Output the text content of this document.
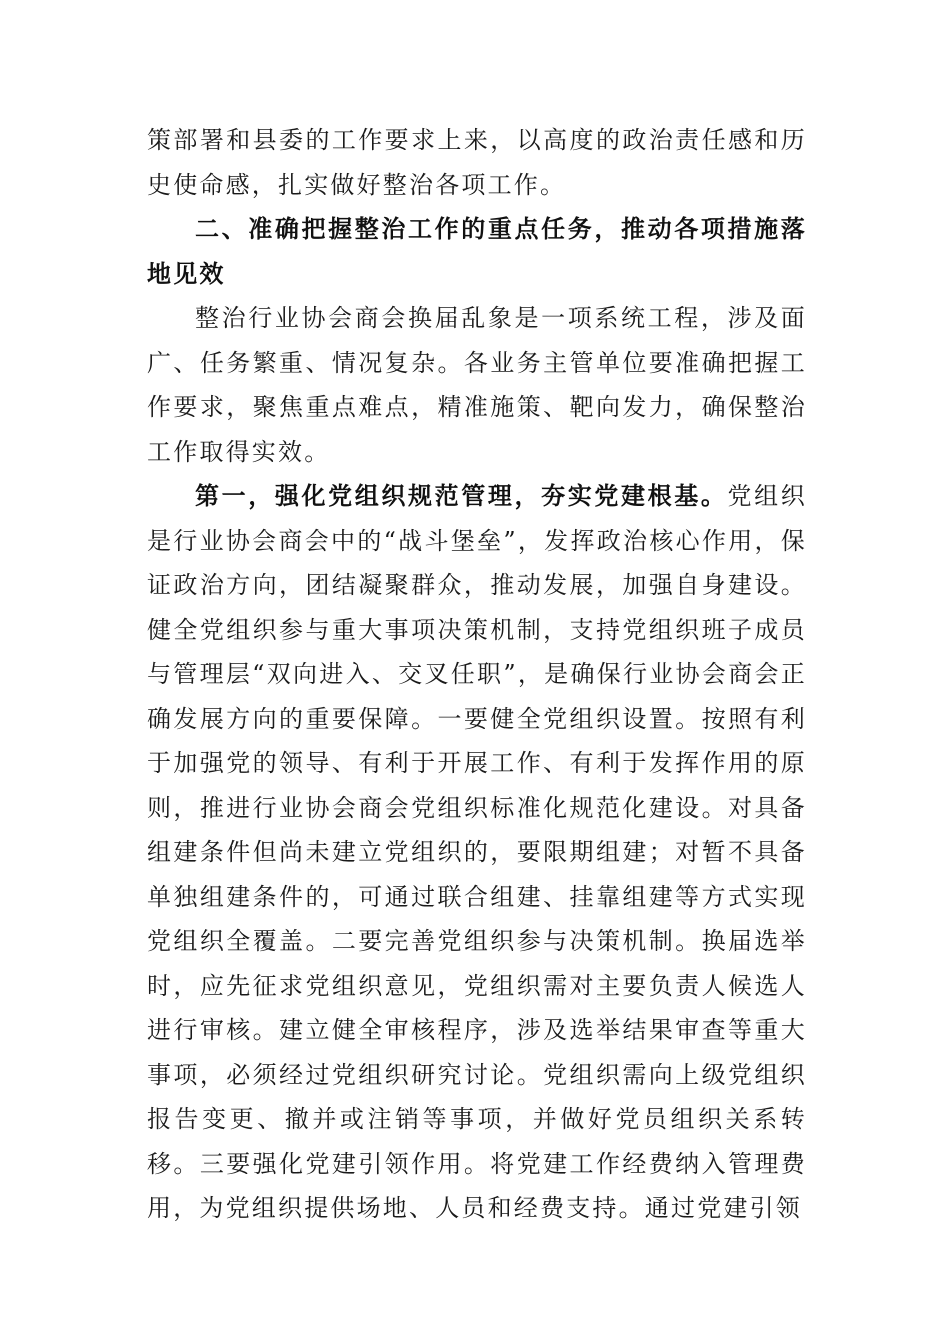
策部署和县委的工作要求上来，以高度的政治责任感和历史使命感，扎实做好整治各项工作。

二、准确把握整治工作的重点任务，推动各项措施落地见效

整治行业协会商会换届乱象是一项系统工程，涉及面广、任务繁重、情况复杂。各业务主管单位要准确把握工作要求，聚焦重点难点，精准施策、靶向发力，确保整治工作取得实效。

第一，强化党组织规范管理，夯实党建根基。党组织是行业协会商会中的“战斗堡垒”，发挥政治核心作用，保证政治方向，团结凝聚群众，推动发展，加强自身建设。健全党组织参与重大事项决策机制，支持党组织班子成员与管理层“双向进入、交叉任职”，是确保行业协会商会正确发展方向的重要保障。一要健全党组织设置。按照有利于加强党的领导、有利于开展工作、有利于发挥作用的原则，推进行业协会商会党组织标准化规范化建设。对具备组建条件但尚未建立党组织的，要限期组建；对暂不具备单独组建条件的，可通过联合组建、挂靠组建等方式实现党组织全覆盖。二要完善党组织参与决策机制。换届选举时，应先征求党组织意见，党组织需对主要负责人候选人进行审核。建立健全审核程序，涉及选举结果审查等重大事项，必须经过党组织研究讨论。党组织需向上级党组织报告变更、撤并或注销等事项，并做好党员组织关系转移。三要强化党建引领作用。将党建工作经费纳入管理费用，为党组织提供场地、人员和经费支持。通过党建引领
